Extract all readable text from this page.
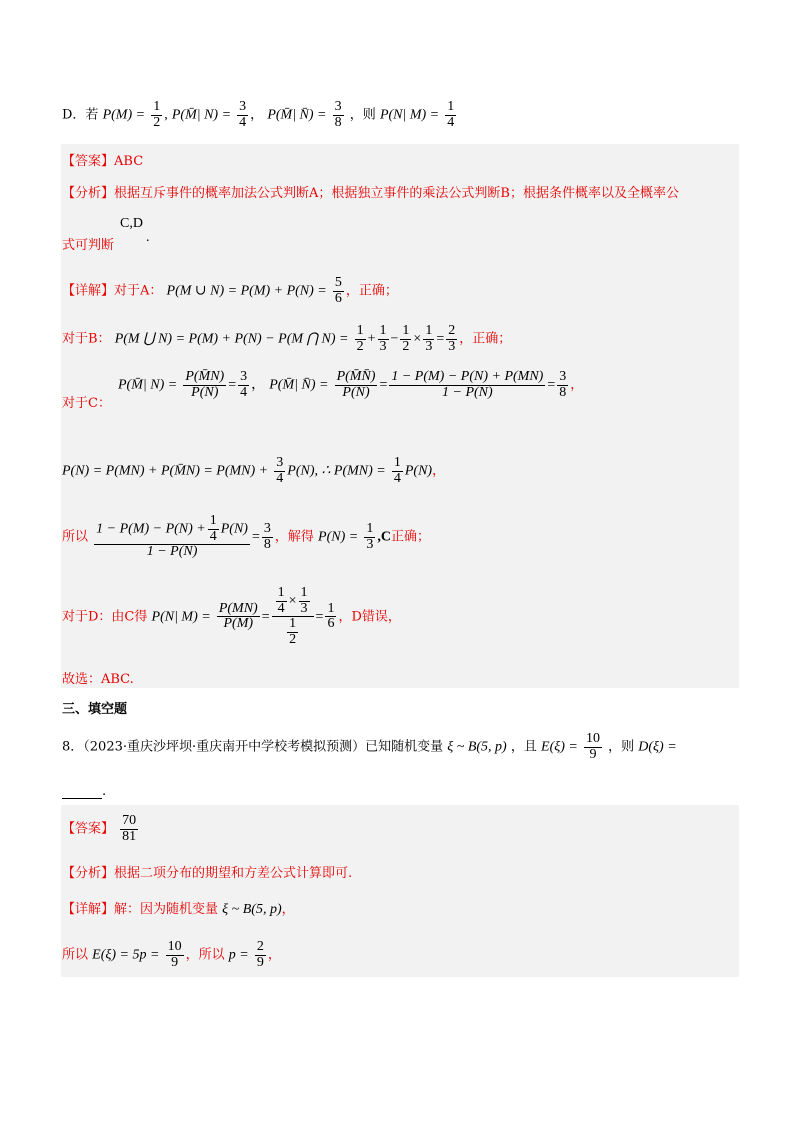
D．若 $P(M) = \frac{1}{2}$ , P(M̄| $N) = \frac{3}{4}$ ， P(M̄| N̄) = $\frac{3}{8}$ ，则 P(N| $M) = \frac{1}{4}$
【答案】ABC
【分析】根据互斥事件的概率加法公式判断A；根据独立事件的乘法公式判断B；根据条件概率以及全概率公
式可判断
C,D
.
【详解】对于A： P(M ∪ $N) = P(M) + P(N) = \frac{5}{6}$ ，正确；
对于B： P(M ⋃ N) = P(M) + P(N) − P(M ⋂ $N) = \frac{1}{2} + \frac{1}{3} - \frac{1}{2} \times \frac{1}{3} = \frac{2}{3}$ ，正确；
对于C：
P(M̄| $N) = \frac{P(M̄N)}{P(N)} = \frac{3}{4}$ ， P(M̄| N̄) = $\frac{P(M̄N̄)}{P(N̄)} = \frac{1 - P(M) - P(N) + P(MN)}{1 - P(N)} = \frac{3}{8}$ ，
P(N) = P(MN) + P(M̄N) = $P(MN) + \frac{3}{4} P(N)$, ∴ $P(MN) = \frac{1}{4} P(N)$，
所以 $\frac{1 - P(M) - P(N) + \frac{1}{4} P(N)}{1 - P(N)} = \frac{3}{8}$ ，解得 $P(N) = \frac{1}{3} ,C$正确；
对于D：由C得 P(N| $M) = \frac{P(MN)}{P(M)} = \frac{\frac{1}{4} \times \frac{1}{3}}{\frac{1}{2}} = \frac{1}{6}$ ，D错误，
故选：ABC.
三、填空题
8．（2023·重庆沙坪坝·重庆南开中学校考模拟预测）已知随机变量 ξ ~ B(5, p) ，且 $E(\xi) = \frac{10}{9}$ ，则 D(ξ) =
.
【答案】 $\frac{70}{81}$
【分析】根据二项分布的期望和方差公式计算即可.
【详解】解：因为随机变量 ξ ~ B(5, p)，
所以 $E(\xi) = 5p = \frac{10}{9}$ ，所以 $p = \frac{2}{9}$ ，
